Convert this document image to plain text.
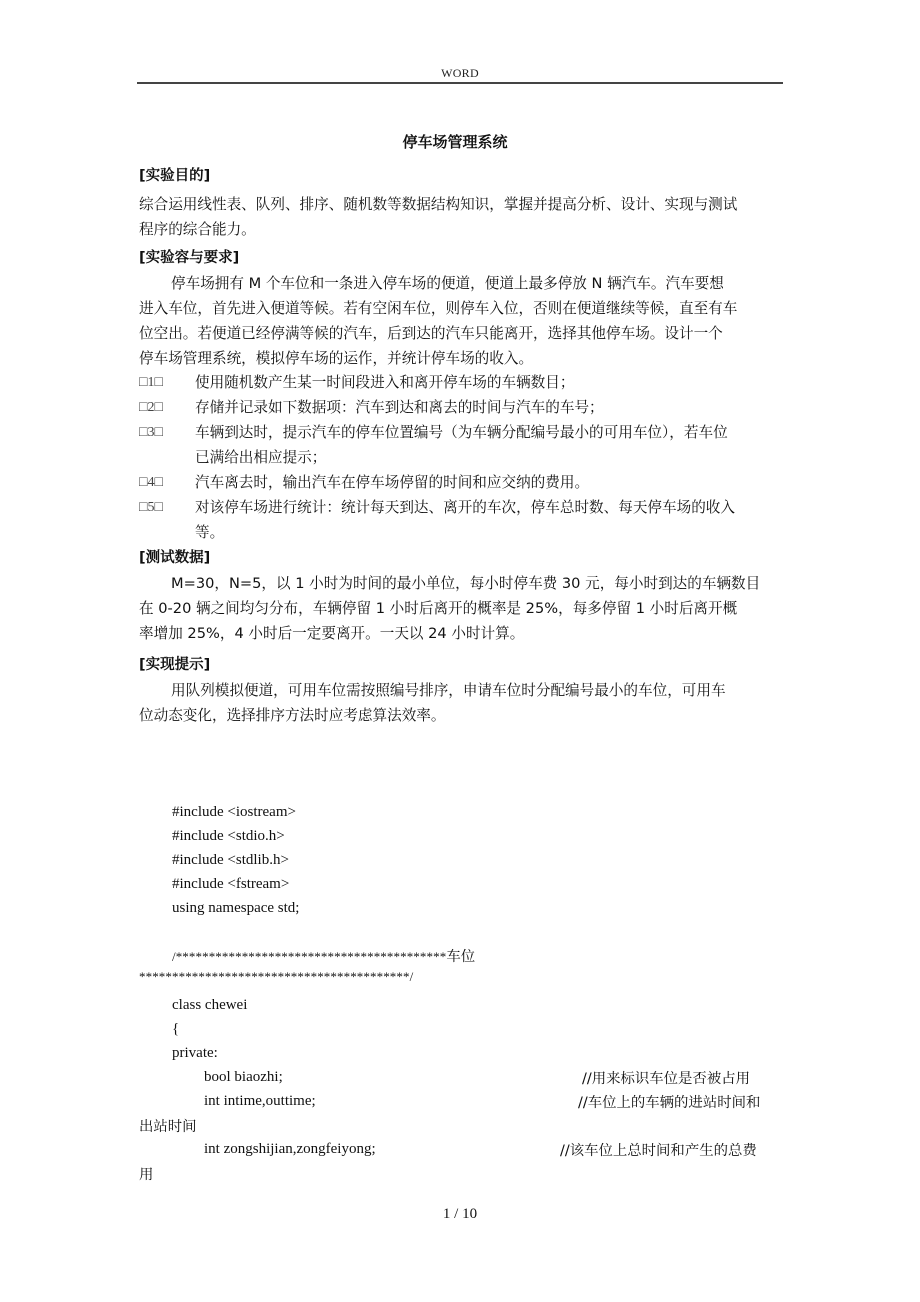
WORD
停车场管理系统
[实验目的]
综合运用线性表、队列、排序、随机数等数据结构知识，掌握并提高分析、设计、实现与测试
程序的综合能力。
[实验容与要求]
停车场拥有 M 个车位和一条进入停车场的便道，便道上最多停放 N 辆汽车。汽车要想
进入车位，首先进入便道等候。若有空闲车位，则停车入位，否则在便道继续等候，直至有车
位空出。若便道已经停满等候的汽车，后到达的汽车只能离开，选择其他停车场。设计一个
停车场管理系统，模拟停车场的运作，并统计停车场的收入。
□1□ 使用随机数产生某一时间段进入和离开停车场的车辆数目；
□2□ 存储并记录如下数据项：汽车到达和离去的时间与汽车的车号；
□3□ 车辆到达时，提示汽车的停车位置编号（为车辆分配编号最小的可用车位），若车位
已满给出相应提示；
□4□ 汽车离去时，输出汽车在停车场停留的时间和应交纳的费用。
□5□ 对该停车场进行统计：统计每天到达、离开的车次，停车总时数、每天停车场的收入
等。
[测试数据]
M=30，N=5，以 1 小时为时间的最小单位，每小时停车费 30 元，每小时到达的车辆数目
在 0-20 辆之间均匀分布，车辆停留 1 小时后离开的概率是 25%，每多停留 1 小时后离开概
率增加 25%，4 小时后一定要离开。一天以 24 小时计算。
[实现提示]
用队列模拟便道，可用车位需按照编号排序，申请车位时分配编号最小的车位，可用车
位动态变化，选择排序方法时应考虑算法效率。
#include <iostream>
#include <stdio.h>
#include <stdlib.h>
#include <fstream>
using namespace std;
/*****************************************车位
*****************************************/
class chewei
{
private:
bool biaozhi;	//用来标识车位是否被占用
int intime,outtime;	//车位上的车辆的进站时间和
出站时间
int zongshijian,zongfeiyong;	//该车位上总时间和产生的总费
用
1 / 10
